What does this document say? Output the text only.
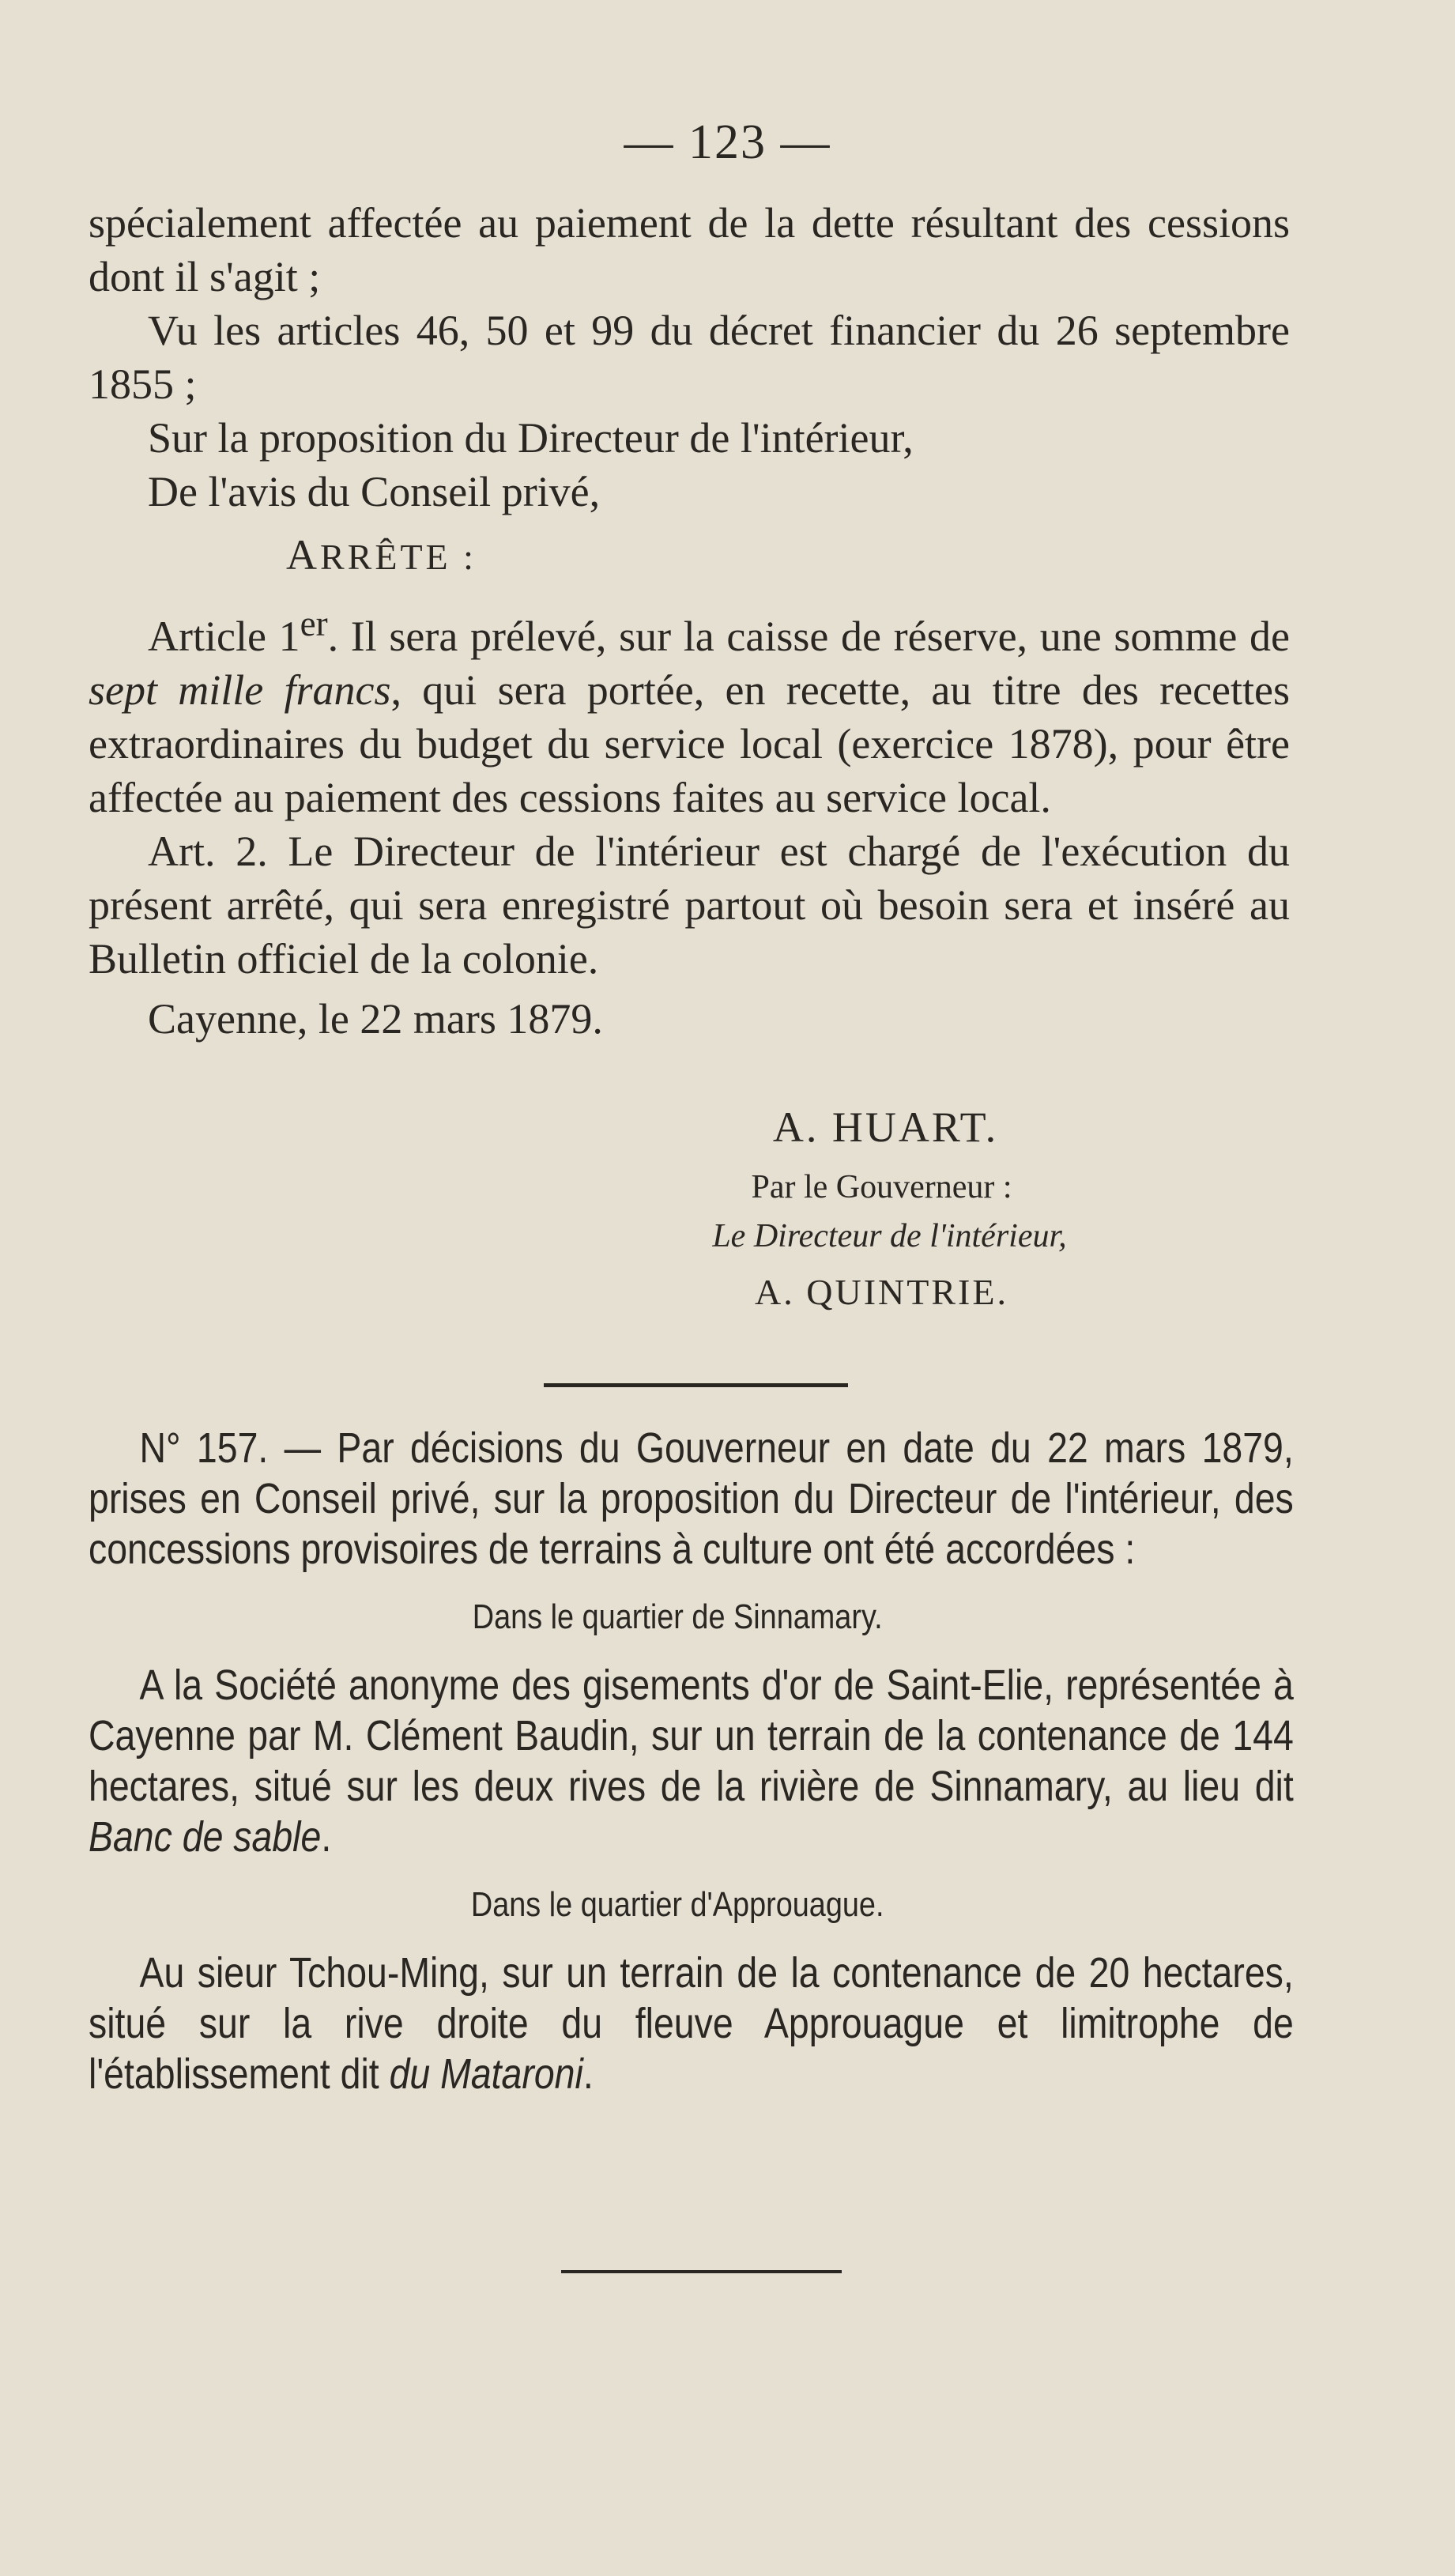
— 123 —

spécialement affectée au paiement de la dette résultant des cessions dont il s'agit ;

Vu les articles 46, 50 et 99 du décret financier du 26 septembre 1855 ;

Sur la proposition du Directeur de l'intérieur,

De l'avis du Conseil privé,

ARRÊTE :

Article 1er. Il sera prélevé, sur la caisse de réserve, une somme de sept mille francs, qui sera portée, en recette, au titre des recettes extraordinaires du budget du service local (exercice 1878), pour être affectée au paiement des cessions faites au service local.

Art. 2. Le Directeur de l'intérieur est chargé de l'exécution du présent arrêté, qui sera enregistré partout où besoin sera et inséré au Bulletin officiel de la colonie.

Cayenne, le 22 mars 1879.

A. HUART.
Par le Gouverneur :
Le Directeur de l'intérieur,
A. QUINTRIE.

N° 157. — Par décisions du Gouverneur en date du 22 mars 1879, prises en Conseil privé, sur la proposition du Directeur de l'intérieur, des concessions provisoires de terrains à culture ont été accordées :

Dans le quartier de Sinnamary.

A la Société anonyme des gisements d'or de Saint-Elie, représentée à Cayenne par M. Clément Baudin, sur un terrain de la contenance de 144 hectares, situé sur les deux rives de la rivière de Sinnamary, au lieu dit Banc de sable.

Dans le quartier d'Approuague.

Au sieur Tchou-Ming, sur un terrain de la contenance de 20 hectares, situé sur la rive droite du fleuve Approuague et limitrophe de l'établissement dit du Mataroni.
